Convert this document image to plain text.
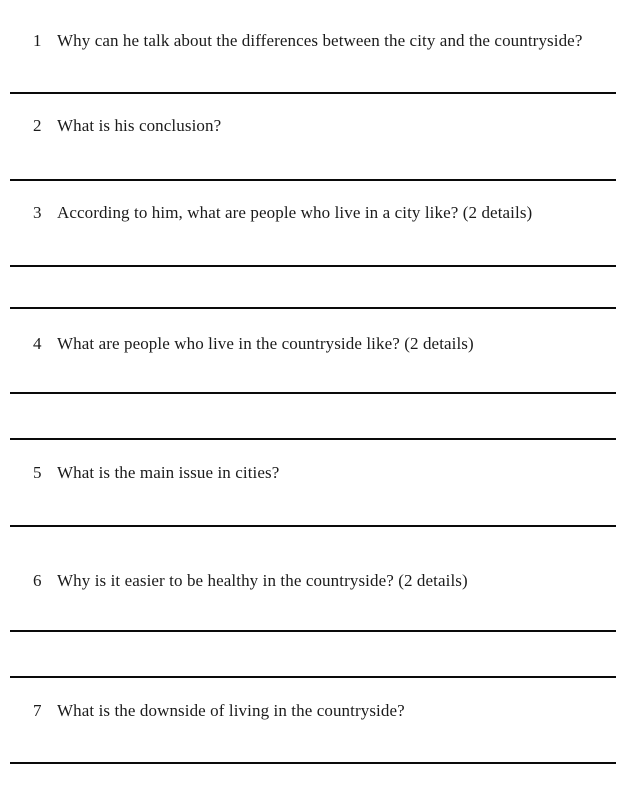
1 Why can he talk about the differences between the city and the countryside?
2 What is his conclusion?
3 According to him, what are people who live in a city like? (2 details)
4 What are people who live in the countryside like? (2 details)
5 What is the main issue in cities?
6 Why is it easier to be healthy in the countryside? (2 details)
7 What is the downside of living in the countryside?
